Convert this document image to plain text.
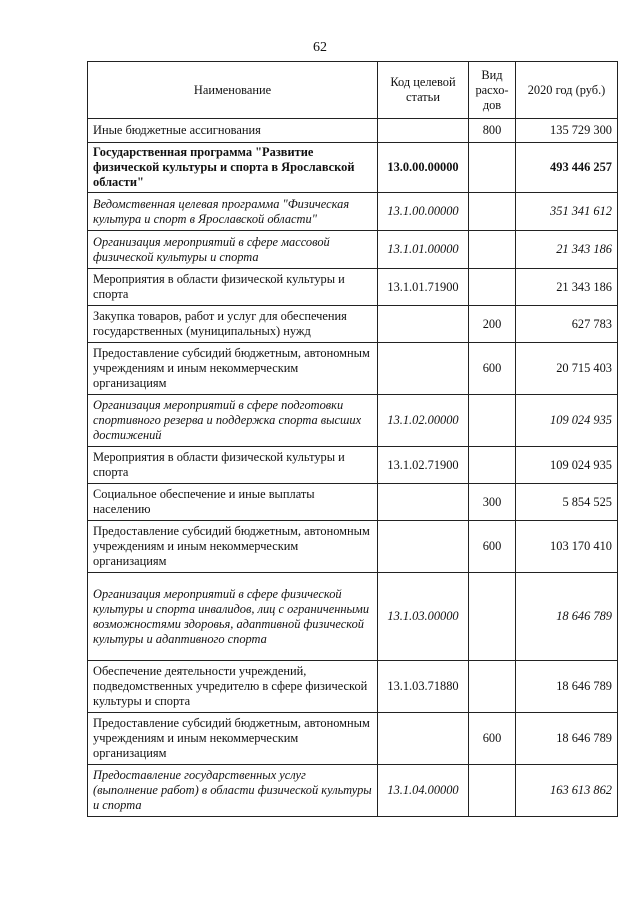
62
Наименование	Код целевой статьи	Вид расхо-дов	2020 год (руб.)
Иные бюджетные ассигнования		800	135 729 300
Государственная программа "Развитие физической культуры и спорта в Ярославской области"	13.0.00.00000		493 446 257
Ведомственная целевая программа "Физическая культура и спорт в Ярославской области"	13.1.00.00000		351 341 612
Организация мероприятий в сфере массовой физической культуры и спорта	13.1.01.00000		21 343 186
Мероприятия в области физической культуры и спорта	13.1.01.71900		21 343 186
Закупка товаров, работ и услуг для обеспечения государственных (муниципальных) нужд		200	627 783
Предоставление субсидий бюджетным, автономным учреждениям и иным некоммерческим организациям		600	20 715 403
Организация мероприятий в сфере подготовки спортивного резерва и поддержка спорта высших достижений	13.1.02.00000		109 024 935
Мероприятия в области физической культуры и спорта	13.1.02.71900		109 024 935
Социальное обеспечение и иные выплаты населению		300	5 854 525
Предоставление субсидий бюджетным, автономным учреждениям и иным некоммерческим организациям		600	103 170 410
Организация мероприятий в сфере физической культуры и спорта инвалидов, лиц с ограниченными возможностями здоровья, адаптивной физической культуры и адаптивного спорта	13.1.03.00000		18 646 789
Обеспечение деятельности учреждений, подведомственных учредителю в сфере физической культуры и спорта	13.1.03.71880		18 646 789
Предоставление субсидий бюджетным, автономным учреждениям и иным некоммерческим организациям		600	18 646 789
Предоставление государственных услуг (выполнение работ) в области физической культуры и спорта	13.1.04.00000		163 613 862
